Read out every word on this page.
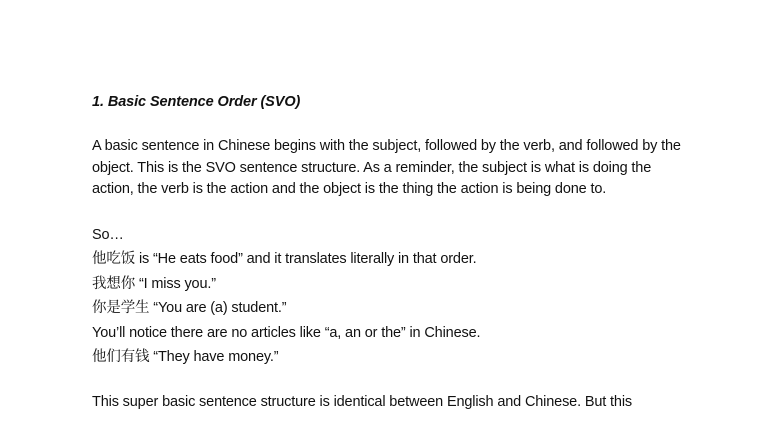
1. Basic Sentence Order (SVO)

A basic sentence in Chinese begins with the subject, followed by the verb, and followed by the object. This is the SVO sentence structure. As a reminder, the subject is what is doing the action, the verb is the action and the object is the thing the action is being done to.

So…

他吃饭 is “He eats food” and it translates literally in that order.

我想你 “I miss you.”

你是学生 “You are (a) student.”

You’ll notice there are no articles like “a, an or the” in Chinese.

他们有钱 “They have money.”

This super basic sentence structure is identical between English and Chinese. But this
